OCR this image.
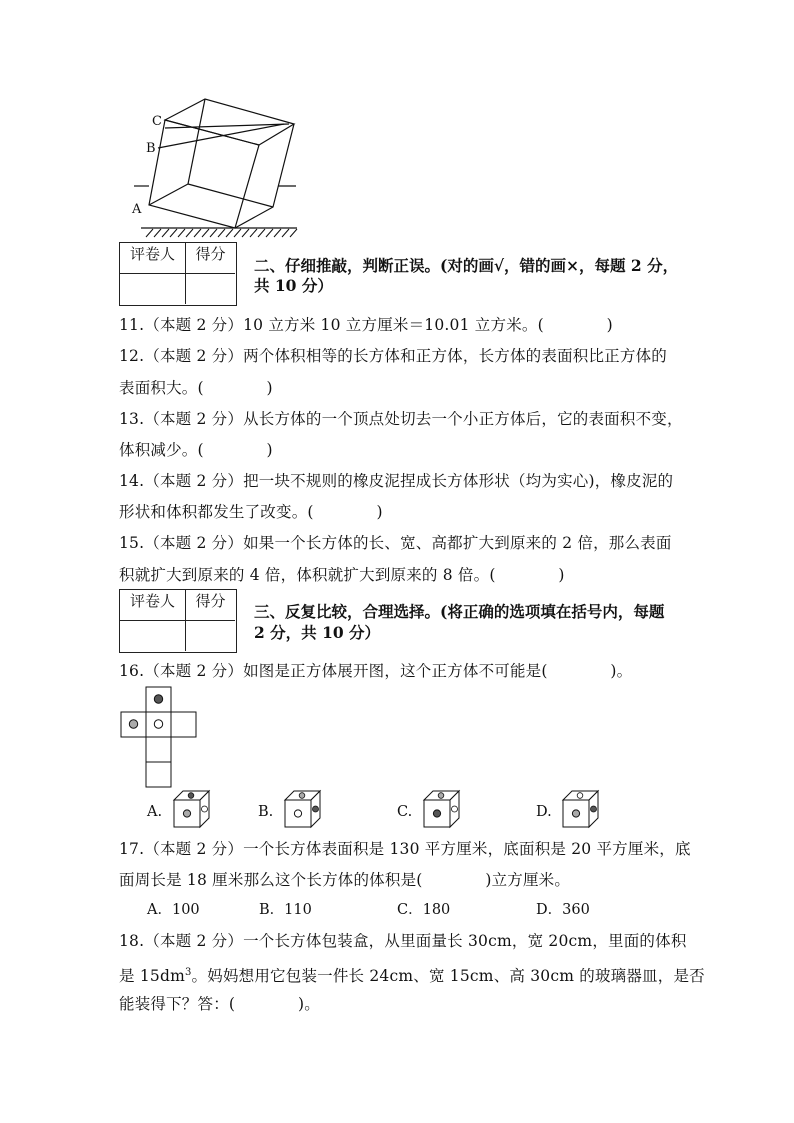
C
B
A
评卷人	得分
二、仔细推敲，判断正误。(对的画√，错的画×，每题 2 分，
共 10 分）
11.（本题 2 分）10 立方米 10 立方厘米＝10.01 立方米。(　　　　)
12.（本题 2 分）两个体积相等的长方体和正方体，长方体的表面积比正方体的
表面积大。(　　　　)
13.（本题 2 分）从长方体的一个顶点处切去一个小正方体后，它的表面积不变，
体积减少。(　　　　)
14.（本题 2 分）把一块不规则的橡皮泥捏成长方体形状（均为实心)，橡皮泥的
形状和体积都发生了改变。(　　　　)
15.（本题 2 分）如果一个长方体的长、宽、高都扩大到原来的 2 倍，那么表面
积就扩大到原来的 4 倍，体积就扩大到原来的 8 倍。(　　　　)
评卷人	得分
三、反复比较，合理选择。(将正确的选项填在括号内，每题
2 分，共 10 分）
16.（本题 2 分）如图是正方体展开图，这个正方体不可能是(　　　　)。
A.	B.	C.	D.
17.（本题 2 分）一个长方体表面积是 130 平方厘米，底面积是 20 平方厘米，底
面周长是 18 厘米那么这个长方体的体积是(　　　　)立方厘米。
A．100	B．110	C．180	D．360
18.（本题 2 分）一个长方体包装盒，从里面量长 30cm，宽 20cm，里面的体积
是 $15dm^3$。妈妈想用它包装一件长 24cm、宽 15cm、高 30cm 的玻璃器皿，是否
能装得下？答：(　　　　)。
